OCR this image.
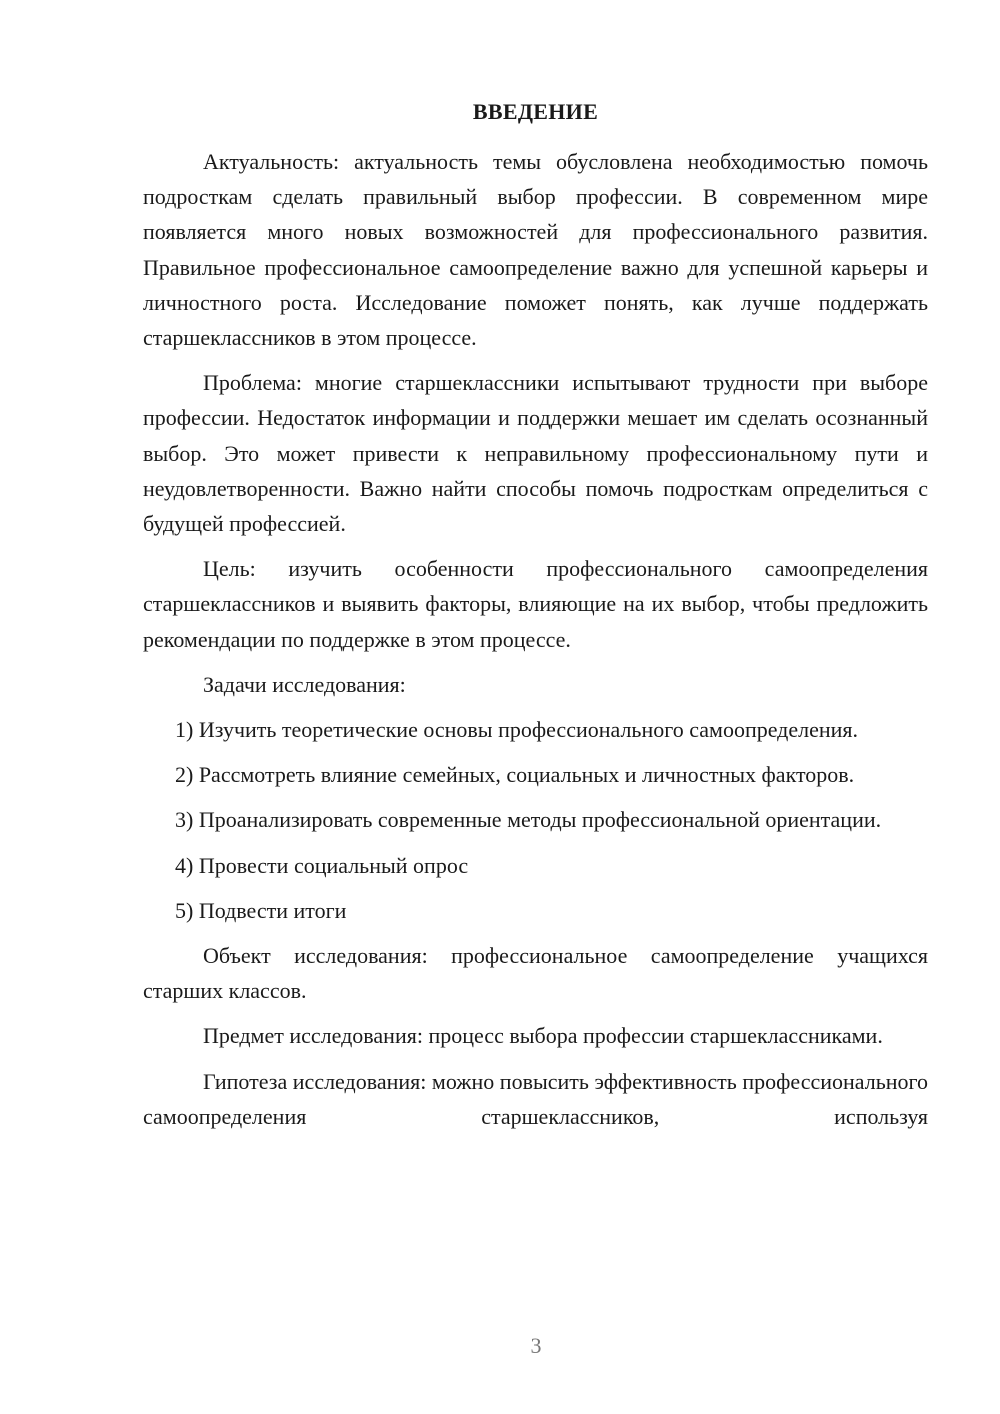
ВВЕДЕНИЕ

Актуальность: актуальность темы обусловлена необходимостью помочь подросткам сделать правильный выбор профессии. В современном мире появляется много новых возможностей для профессионального развития. Правильное профессиональное самоопределение важно для успешной карьеры и личностного роста. Исследование поможет понять, как лучше поддержать старшеклассников в этом процессе.

Проблема: многие старшеклассники испытывают трудности при выборе профессии. Недостаток информации и поддержки мешает им сделать осознанный выбор. Это может привести к неправильному профессиональному пути и неудовлетворенности. Важно найти способы помочь подросткам определиться с будущей профессией.

Цель: изучить особенности профессионального самоопределения старшеклассников и выявить факторы, влияющие на их выбор, чтобы предложить рекомендации по поддержке в этом процессе.

Задачи исследования:

1) Изучить теоретические основы профессионального самоопределения.

2) Рассмотреть влияние семейных, социальных и личностных факторов.

3) Проанализировать современные методы профессиональной ориентации.

4) Провести социальный опрос

5) Подвести итоги

Объект исследования: профессиональное самоопределение учащихся старших классов.

Предмет исследования: процесс выбора профессии старшеклассниками.

Гипотеза исследования: можно повысить эффективность профессионального самоопределения старшеклассников, используя

3
